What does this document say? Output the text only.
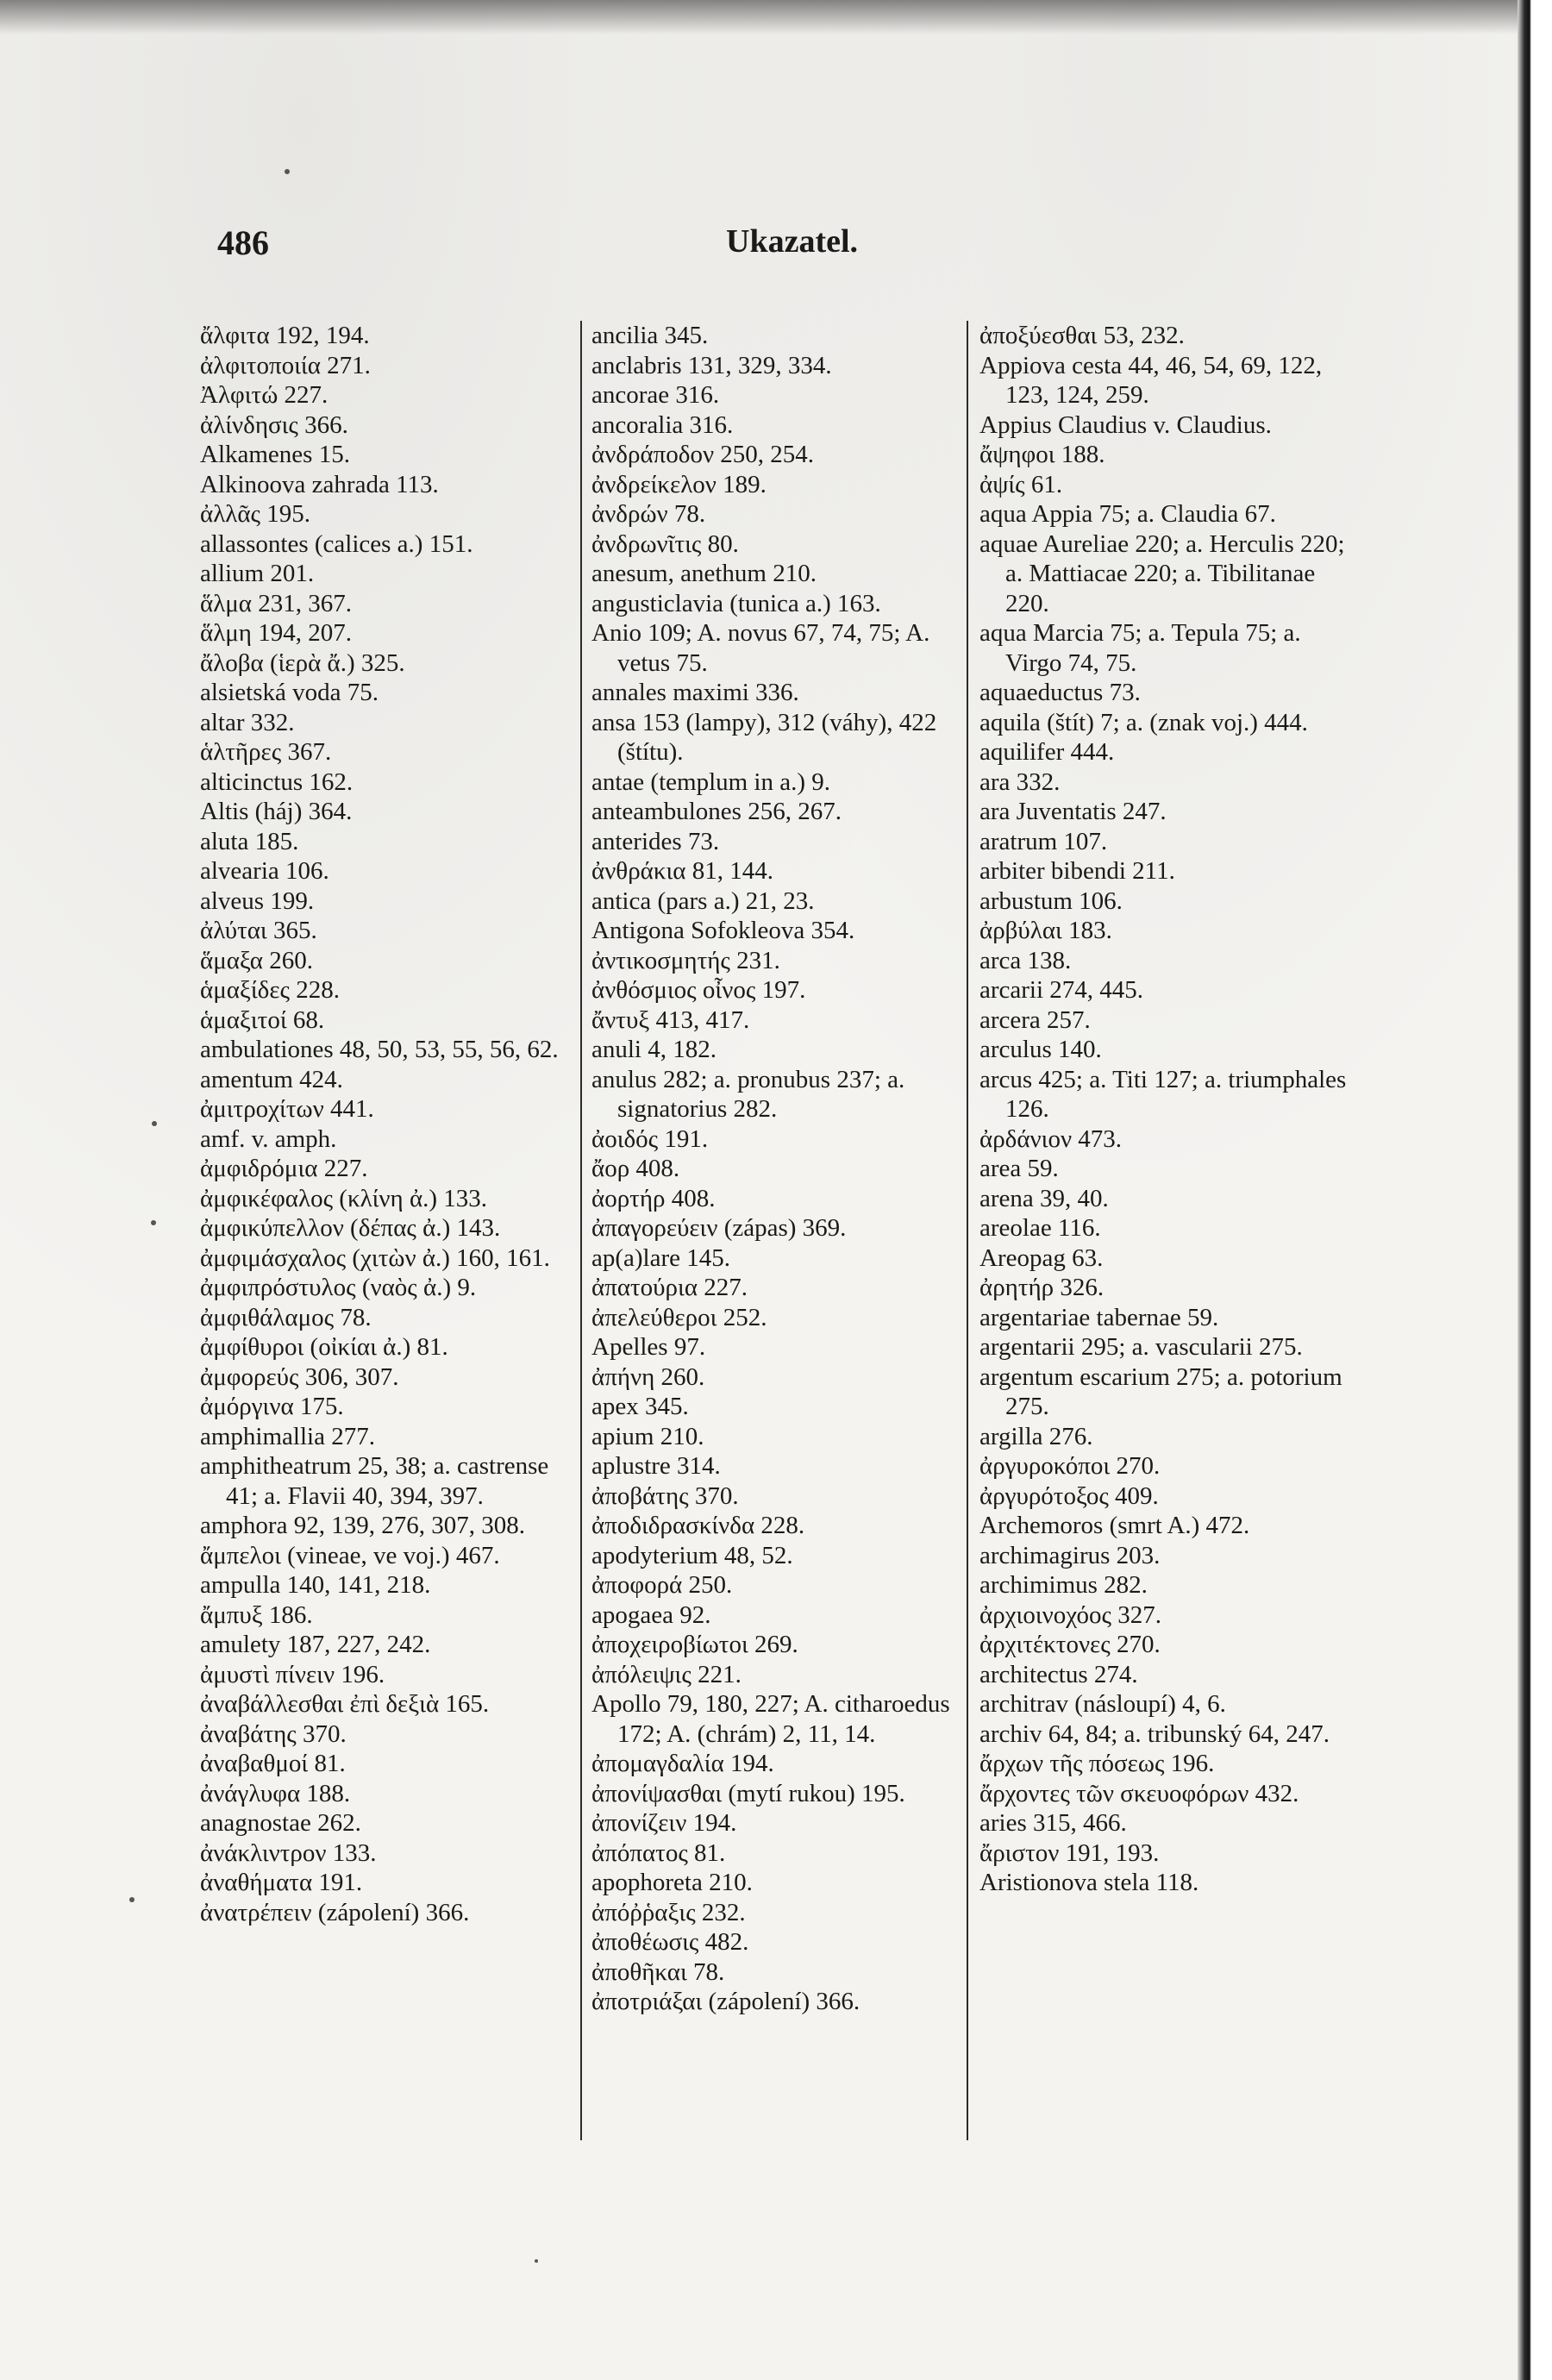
486	Ukazatel.

ἄλφιτα 192, 194.

ἀλφιτοποιία 271.

Ἀλφιτώ 227.

ἀλίνδησις 366.

Alkamenes 15.

Alkinoova zahrada 113.

ἀλλᾶς 195.

allassontes (calices a.) 151.

allium 201.

ἅλμα 231, 367.

ἅλμη 194, 207.

ἄλοβα (ἱερὰ ἄ.) 325.

alsietská voda 75.

altar 332.

ἁλτῆρες 367.

alticinctus 162.

Altis (háj) 364.

aluta 185.

alvearia 106.

alveus 199.

ἀλύται 365.

ἅμαξα 260.

ἁμαξίδες 228.

ἁμαξιτοί 68.

ambulationes 48, 50, 53, 55, 56, 62.

amentum 424.

ἀμιτροχίτων 441.

amf. v. amph.

ἀμφιδρόμια 227.

ἀμφικέφαλος (κλίνη ἀ.) 133.

ἀμφικύπελλον (δέπας ἀ.) 143.

ἀμφιμάσχαλος (χιτὼν ἀ.) 160, 161.

ἀμφιπρόστυλος (ναὸς ἀ.) 9.

ἀμφιθάλαμος 78.

ἀμφίθυροι (οἰκίαι ἀ.) 81.

ἀμφορεύς 306, 307.

ἀμόργινα 175.

amphimallia 277.

amphitheatrum 25, 38; a. castrense 41; a. Flavii 40, 394, 397.

amphora 92, 139, 276, 307, 308.

ἄμπελοι (vineae, ve voj.) 467.

ampulla 140, 141, 218.

ἄμπυξ 186.

amulety 187, 227, 242.

ἀμυστὶ πίνειν 196.

ἀναβάλλεσθαι ἐπὶ δεξιὰ 165.

ἀναβάτης 370.

ἀναβαθμοί 81.

ἀνάγλυφα 188.

anagnostae 262.

ἀνάκλιντρον 133.

ἀναθήματα 191.

ἀνατρέπειν (zápolení) 366.

ancilia 345.

anclabris 131, 329, 334.

ancorae 316.

ancoralia 316.

ἀνδράποδον 250, 254.

ἀνδρείκελον 189.

ἀνδρών 78.

ἀνδρωνῖτις 80.

anesum, anethum 210.

angusticlavia (tunica a.) 163.

Anio 109; A. novus 67, 74, 75; A. vetus 75.

annales maximi 336.

ansa 153 (lampy), 312 (váhy), 422 (štítu).

antae (templum in a.) 9.

anteambulones 256, 267.

anterides 73.

ἀνθράκια 81, 144.

antica (pars a.) 21, 23.

Antigona Sofokleova 354.

ἀντικοσμητής 231.

ἀνθόσμιος οἶνος 197.

ἄντυξ 413, 417.

anuli 4, 182.

anulus 282; a. pronubus 237; a. signatorius 282.

ἀοιδός 191.

ἄορ 408.

ἀορτήρ 408.

ἀπαγορεύειν (zápas) 369.

ap(a)lare 145.

ἀπατούρια 227.

ἀπελεύθεροι 252.

Apelles 97.

ἀπήνη 260.

apex 345.

apium 210.

aplustre 314.

ἀποβάτης 370.

ἀποδιδρασκίνδα 228.

apodyterium 48, 52.

ἀποφορά 250.

apogaea 92.

ἀποχειροβίωτοι 269.

ἀπόλειψις 221.

Apollo 79, 180, 227; A. citharoedus 172; A. (chrám) 2, 11, 14.

ἀπομαγδαλία 194.

ἀπονίψασθαι (mytí rukou) 195.

ἀπονίζειν 194.

ἀπόπατος 81.

apophoreta 210.

ἀπόῤῥαξις 232.

ἀποθέωσις 482.

ἀποθῆκαι 78.

ἀποτριάξαι (zápolení) 366.

ἀποξύεσθαι 53, 232.

Appiova cesta 44, 46, 54, 69, 122, 123, 124, 259.

Appius Claudius v. Claudius.

ἄψηφοι 188.

ἀψίς 61.

aqua Appia 75; a. Claudia 67.

aquae Aureliae 220; a. Herculis 220; a. Mattiacae 220; a. Tibilitanae 220.

aqua Marcia 75; a. Tepula 75; a. Virgo 74, 75.

aquaeductus 73.

aquila (štít) 7; a. (znak voj.) 444.

aquilifer 444.

ara 332.

ara Juventatis 247.

aratrum 107.

arbiter bibendi 211.

arbustum 106.

ἀρβύλαι 183.

arca 138.

arcarii 274, 445.

arcera 257.

arculus 140.

arcus 425; a. Titi 127; a. triumphales 126.

ἀρδάνιον 473.

area 59.

arena 39, 40.

areolae 116.

Areopag 63.

ἀρητήρ 326.

argentariae tabernae 59.

argentarii 295; a. vascularii 275.

argentum escarium 275; a. potorium 275.

argilla 276.

ἀργυροκόποι 270.

ἀργυρότοξος 409.

Archemoros (smrt A.) 472.

archimagirus 203.

archimimus 282.

ἀρχιοινοχόος 327.

ἀρχιτέκτονες 270.

architectus 274.

architrav (násloupí) 4, 6.

archiv 64, 84; a. tribunský 64, 247.

ἄρχων τῆς πόσεως 196.

ἄρχοντες τῶν σκευοφόρων 432.

aries 315, 466.

ἄριστον 191, 193.

Aristionova stela 118.
